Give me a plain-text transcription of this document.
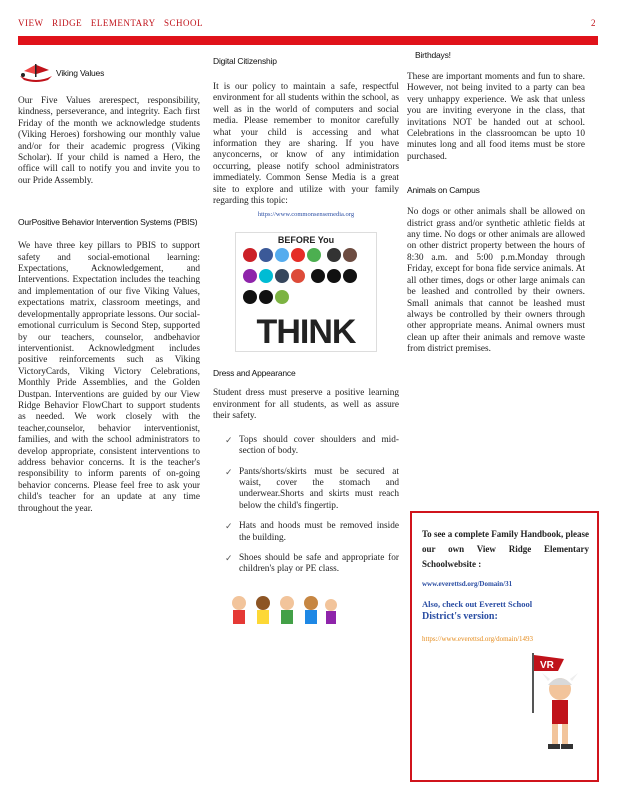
VIEW RIDGE ELEMENTARY SCHOOL	2
Viking Values

Our Five Values arerespect, responsibility, kindness, perseverance, and integrity. Each first Friday of the month we acknowledge students (Viking Heroes) forshowing our monthly value and/or for their academic progress (Viking Scholar). If your child is named a Hero, the office will call to notify you and invite you to our Pride Assembly.

OurPositive Behavior Intervention Systems (PBIS)

We have three key pillars to PBIS to support safety and social-emotional learning: Expectations, Acknowledgement, and Interventions. Expectation includes the teaching and implementation of our five Viking Values, expectations matrix, classroom meetings, and developmentally appropriate lessons. Our social-emotional curriculum is Second Step, supported by our teachers, counselor, andbehavior interventionist. Acknowledgment includes positive reinforcements such as Viking VictoryCards, Viking Victory Celebrations, Monthly Pride Assemblies, and the Golden Dustpan. Interventions are guided by our View Ridge Behavior FlowChart to support students as needed. We work closely with the teacher,counselor, behavior interventionist, families, and with the school administrators to develop appropriate, consistent interventions to address behavior concerns. It is the teacher's responsibility to inform parents of on-going behavior concerns. Please feel free to ask your child's teacher for an update at any time throughout the year.

Digital Citizenship

It is our policy to maintain a safe, respectful environment for all students within the school, as well as in the world of computers and social media. Please remember to monitor carefully what your child is accessing and what information they are sharing. If you have anyconcerns, or know of any intimidation occurring, please notify school administrators immediately. Common Sense Media is a great site to explore and utilize with your family regarding this topic:

https://www.commonsensemedia.org
BEFORE You

THINK
Dress and Appearance

Student dress must preserve a positive learning environment for all students, as well as assure their safety.

✓ Tops should cover shoulders and mid-section of body.
✓ Pants/shorts/skirts must be secured at waist, cover the stomach and underwear.Shorts and skirts must reach below the child's fingertip.
✓ Hats and hoods must be removed inside the building.
✓ Shoes should be safe and appropriate for children's play or PE class.
Birthdays!

These are important moments and fun to share. However, not being invited to a party can bea very unhappy experience. We ask that unless you are inviting everyone in the class, that invitations NOT be handed out at school. Celebrations in the classroomcan be upto 10 minutes long and all food items must be store purchased.

Animals on Campus

No dogs or other animals shall be allowed on district grass and/or synthetic athletic fields at any time. No dogs or other animals are allowed on other district property between the hours of 8:30 a.m. and 5:00 p.m.Monday through Friday, except for bona fide service animals. At all other times, dogs or other large animals can be leashed and controlled by their owners. Small animals that cannot be leashed must always be controlled by their owners through other appropriate means. Animal owners must clean up after their animals and remove waste from district premises.

To see a complete Family Handbook, please our own View Ridge Elementary Schoolwebsite :
www.everettsd.org/Domain/31
Also, check out Everett School
District's version:
https://www.everettsd.org/domain/1493
VR
